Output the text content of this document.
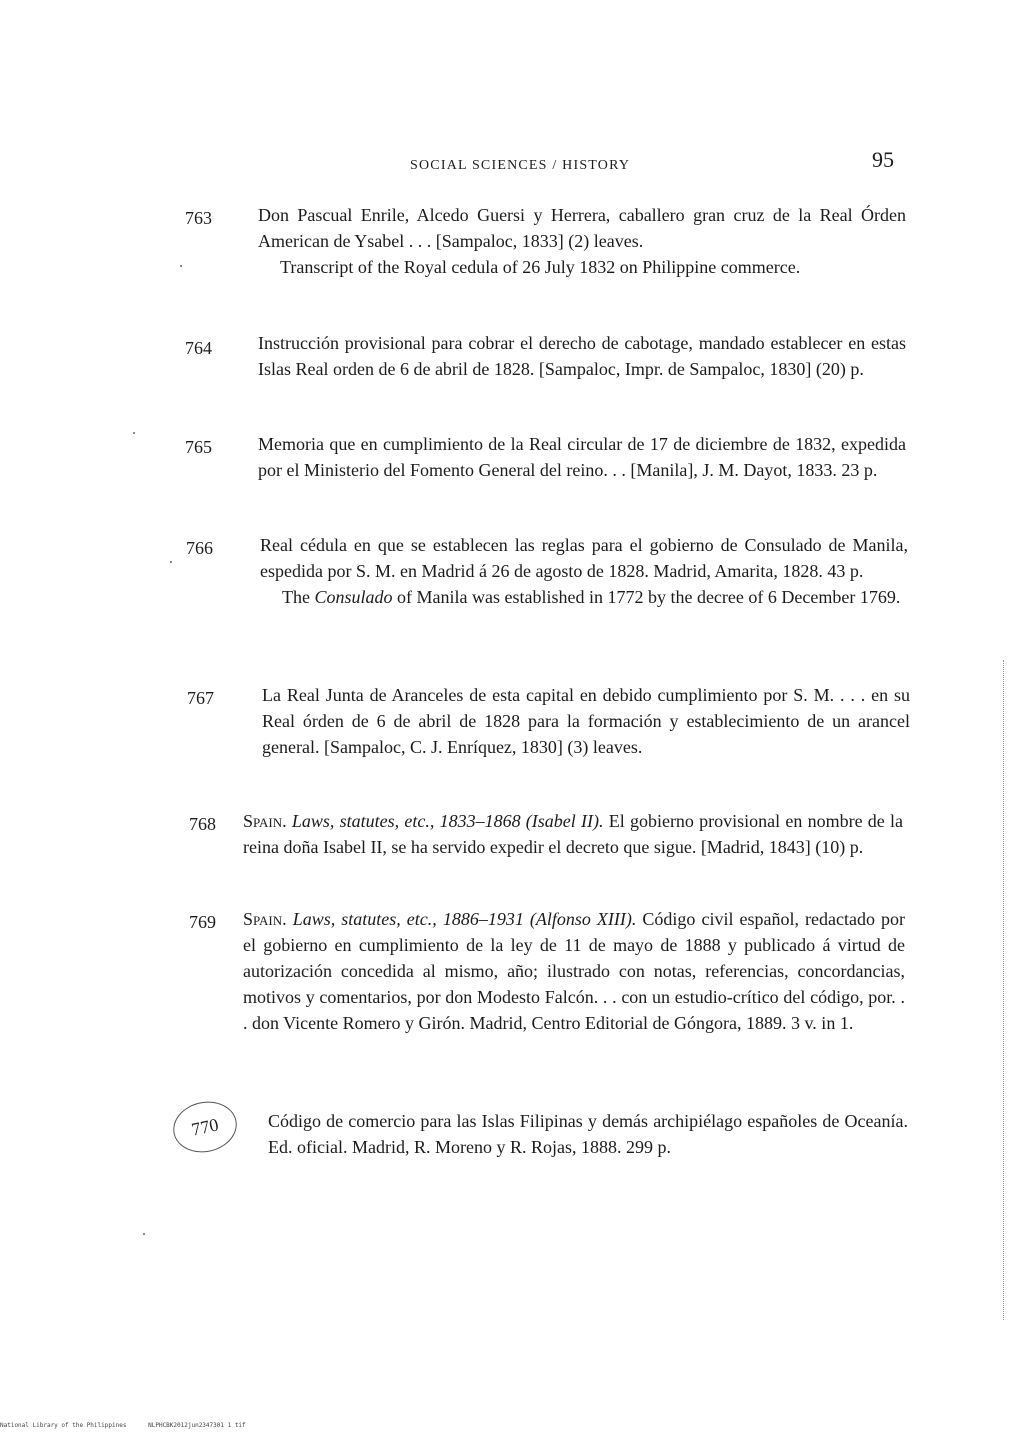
SOCIAL SCIENCES / HISTORY	95
763	Don Pascual Enrile, Alcedo Guersi y Herrera, caballero gran cruz de la Real Órden American de Ysabel . . . [Sampaloc, 1833] (2) leaves.

Transcript of the Royal cedula of 26 July 1832 on Philippine commerce.

764	Instrucción provisional para cobrar el derecho de cabotage, mandado establecer en estas Islas Real orden de 6 de abril de 1828. [Sampaloc, Impr. de Sampaloc, 1830] (20) p.

765	Memoria que en cumplimiento de la Real circular de 17 de diciembre de 1832, expedida por el Ministerio del Fomento General del reino. . . [Manila], J. M. Dayot, 1833. 23 p.

766	Real cédula en que se establecen las reglas para el gobierno de Consulado de Manila, espedida por S. M. en Madrid á 26 de agosto de 1828. Madrid, Amarita, 1828. 43 p.

The Consulado of Manila was established in 1772 by the decree of 6 December 1769.

767	La Real Junta de Aranceles de esta capital en debido cumplimiento por S. M. . . . en su Real órden de 6 de abril de 1828 para la formación y establecimiento de un arancel general. [Sampaloc, C. J. Enríquez, 1830] (3) leaves.

768 Spain. Laws, statutes, etc., 1833–1868 (Isabel II). El gobierno provisional en nombre de la reina doña Isabel II, se ha servido expedir el decreto que sigue. [Madrid, 1843] (10) p.

769 Spain. Laws, statutes, etc., 1886–1931 (Alfonso XIII). Código civil español, redactado por el gobierno en cumplimiento de la ley de 11 de mayo de 1888 y publicado á virtud de autorización concedida al mismo, año; ilustrado con notas, referencias, concordancias, motivos y comentarios, por don Modesto Falcón. . . con un estudio-crítico del código, por. . . don Vicente Romero y Girón. Madrid, Centro Editorial de Góngora, 1889. 3 v. in 1.

770	Código de comercio para las Islas Filipinas y demás archipiélago españoles de Oceanía. Ed. oficial. Madrid, R. Moreno y R. Rojas, 1888. 299 p.

National Library of the Philippines	NLPHCBK2012jun2347301 1 tif
